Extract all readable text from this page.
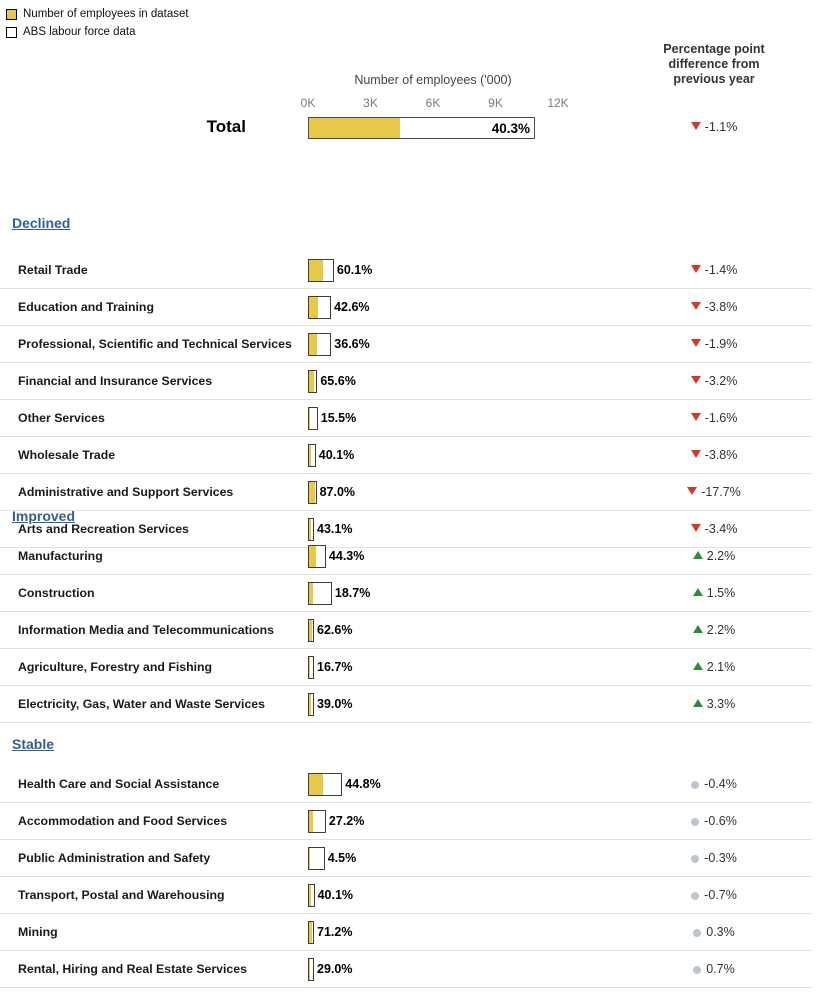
Number of employees in dataset
ABS labour force data
Number of employees ('000)
0K	3K	6K	9K	12K
Percentage point
difference from
previous year
Total	40.3%	-1.1%
Declined
Retail Trade	60.1%	-1.4%
Education and Training	42.6%	-3.8%
Professional, Scientific and Technical Services	36.6%	-1.9%
Financial and Insurance Services	65.6%	-3.2%
Other Services	15.5%	-1.6%
Wholesale Trade	40.1%	-3.8%
Administrative and Support Services	87.0%	-17.7%
Arts and Recreation Services	43.1%	-3.4%
Improved
Manufacturing	44.3%	2.2%
Construction	18.7%	1.5%
Information Media and Telecommunications	62.6%	2.2%
Agriculture, Forestry and Fishing	16.7%	2.1%
Electricity, Gas, Water and Waste Services	39.0%	3.3%
Stable
Health Care and Social Assistance	44.8%	-0.4%
Accommodation and Food Services	27.2%	-0.6%
Public Administration and Safety	4.5%	-0.3%
Transport, Postal and Warehousing	40.1%	-0.7%
Mining	71.2%	0.3%
Rental, Hiring and Real Estate Services	29.0%	0.7%
